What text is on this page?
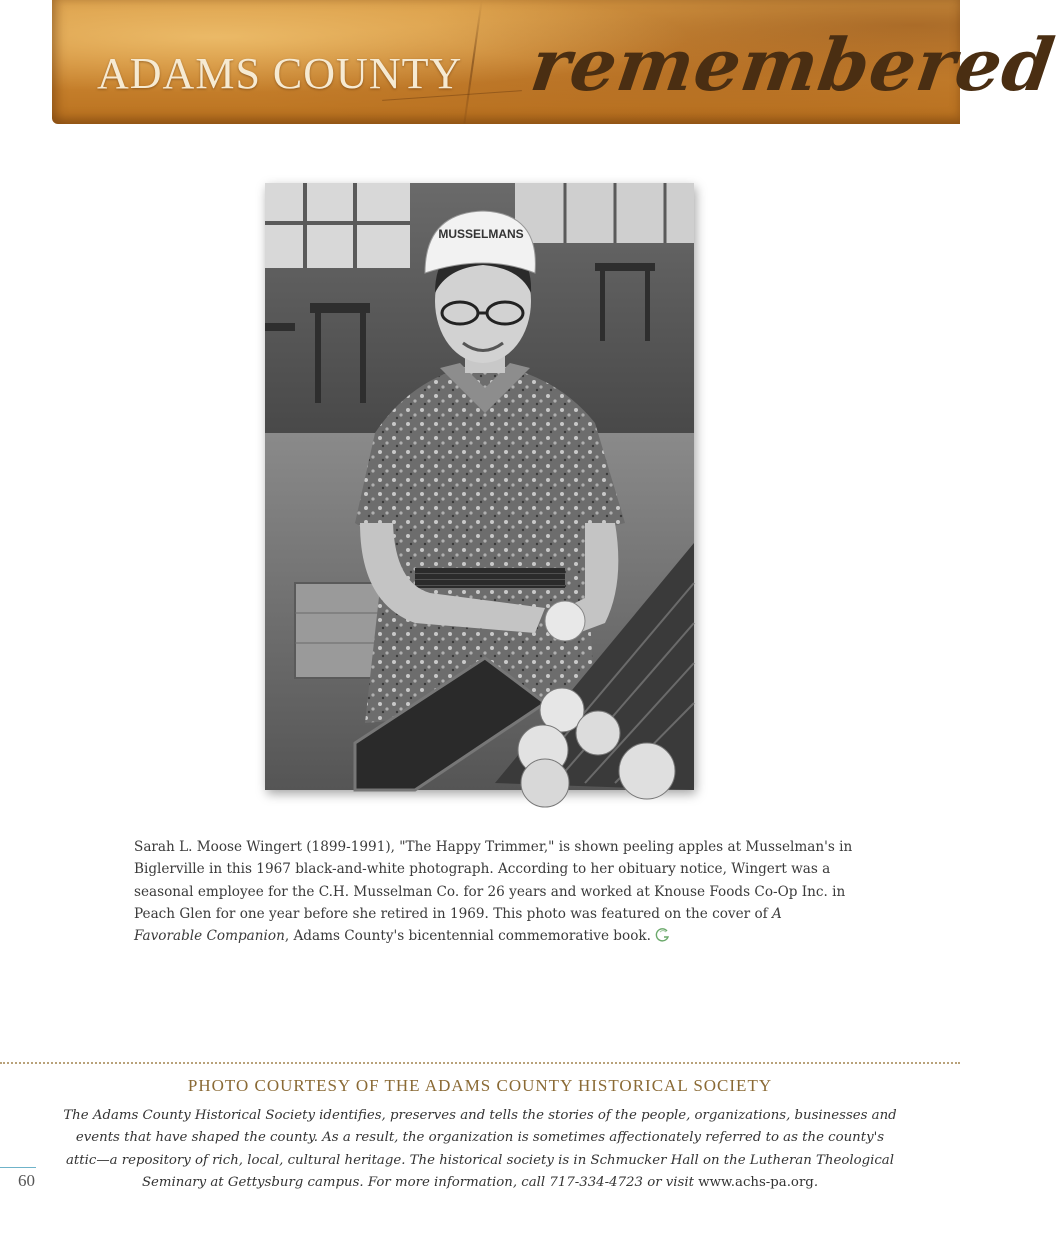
ADAMS COUNTY remembered
MUSSELMANS
Sarah L. Moose Wingert (1899-1991), "The Happy Trimmer," is shown peeling apples at Musselman's in Biglerville in this 1967 black-and-white photograph. According to her obituary notice, Wingert was a seasonal employee for the C.H. Musselman Co. for 26 years and worked at Knouse Foods Co-Op Inc. in Peach Glen for one year before she retired in 1969. This photo was featured on the cover of A Favorable Companion, Adams County's bicentennial commemorative book.
PHOTO COURTESY OF THE ADAMS COUNTY HISTORICAL SOCIETY
The Adams County Historical Society identifies, preserves and tells the stories of the people, organizations, businesses and events that have shaped the county. As a result, the organization is sometimes affectionately referred to as the county's attic—a repository of rich, local, cultural heritage. The historical society is in Schmucker Hall on the Lutheran Theological Seminary at Gettysburg campus. For more information, call 717-334-4723 or visit www.achs-pa.org.
60
